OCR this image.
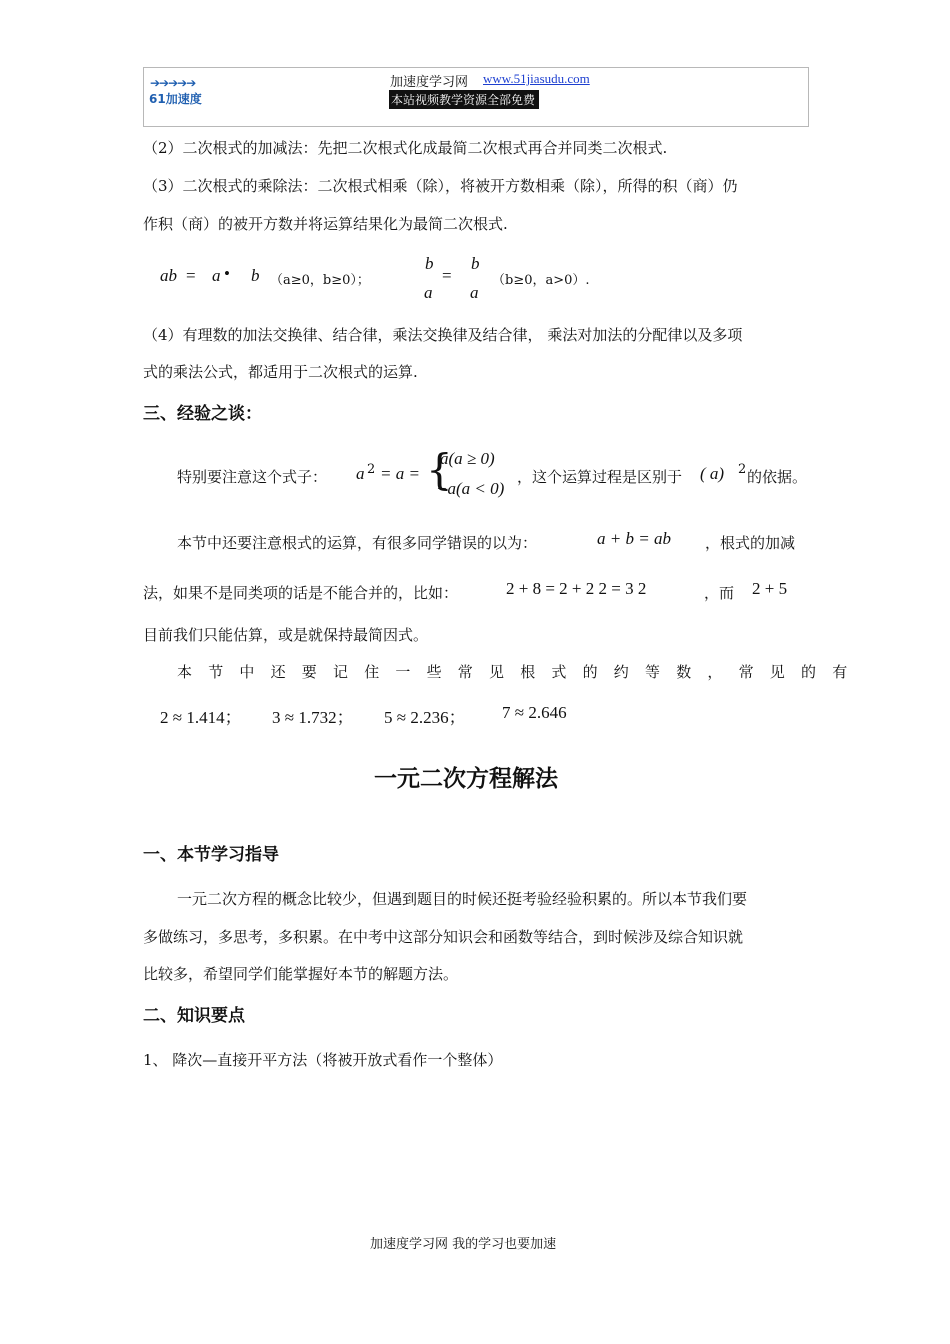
➔➔➔➔➔
61加速度
加速度学习网 www.51jiasudu.com
本站视频教学资源全部免费
（2）二次根式的加减法：先把二次根式化成最简二次根式再合并同类二次根式.
（3）二次根式的乘除法：二次根式相乘（除），将被开方数相乘（除），所得的积（商）仍
作积（商）的被开方数并将运算结果化为最简二次根式.
ab = a • b （a≥0，b≥0）；
b
a
=
b
a
（b≥0，a>0）.
（4）有理数的加法交换律、结合律，乘法交换律及结合律， 乘法对加法的分配律以及多项
式的乘法公式，都适用于二次根式的运算.
三、经验之谈：
特别要注意这个式子： a 2 = a = {
a(a ≥ 0)
−a(a < 0)
，这个运算过程是区别于 ( a) 2 的依据。
本节中还要注意根式的运算，有很多同学错误的以为：	a + b = ab ，根式的加减
法，如果不是同类项的话是不能合并的，比如：	2 + 8 = 2 + 2 2 = 3 2	，而 2 + 5
目前我们只能估算，或是就保持最简因式。
本节中还要记住一些常见根式的约等数，常见的有
2 ≈ 1.414； 3 ≈ 1.732； 5 ≈ 2.236； 7 ≈ 2.646
一元二次方程解法
一、本节学习指导
一元二次方程的概念比较少，但遇到题目的时候还挺考验经验积累的。所以本节我们要
多做练习，多思考，多积累。在中考中这部分知识会和函数等结合，到时候涉及综合知识就
比较多，希望同学们能掌握好本节的解题方法。
二、知识要点
1、 降次—直接开平方法（将被开放式看作一个整体）
加速度学习网 我的学习也要加速
